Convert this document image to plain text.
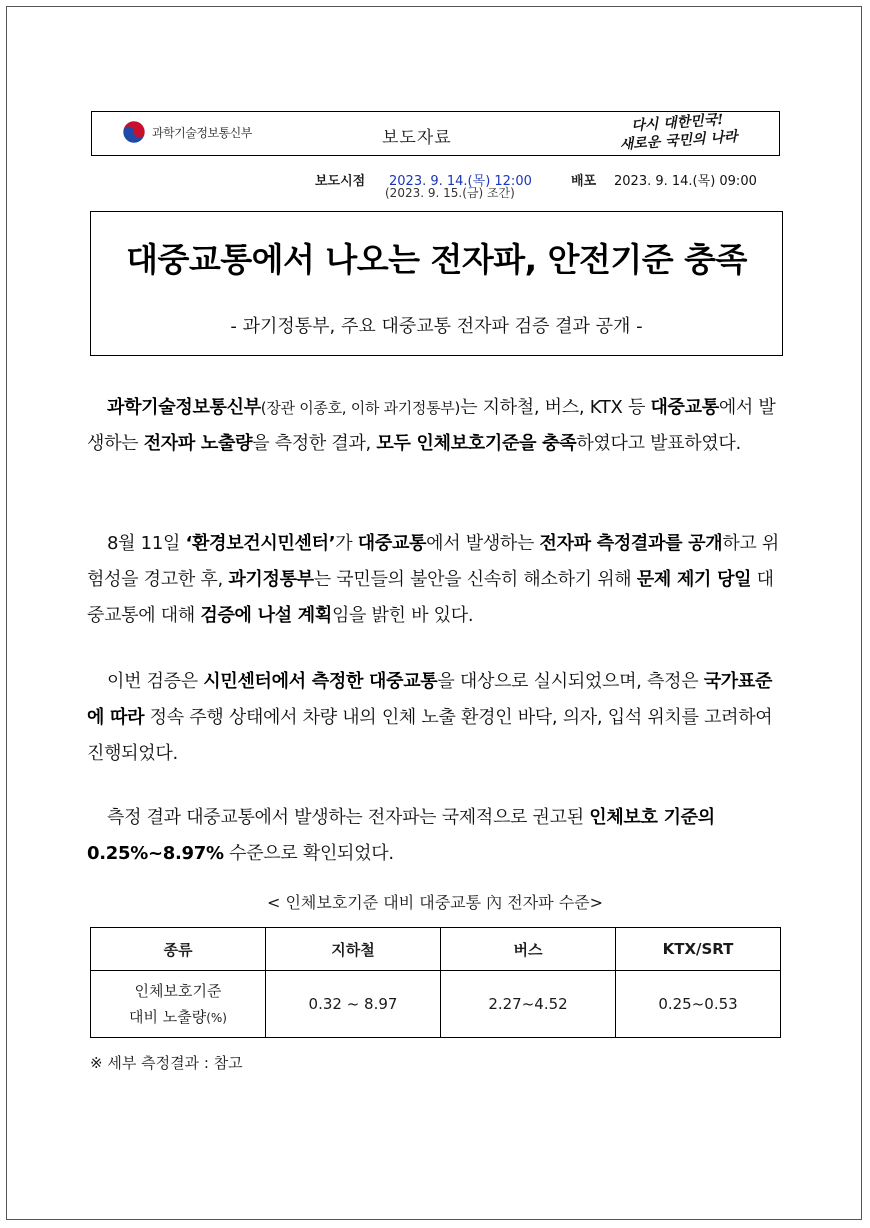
과학기술정보통신부	보도자료
다시 대한민국!
새로운 국민의 나라
보도시점 2023. 9. 14.(목) 12:00
(2023. 9. 15.(금) 조간)
배포 2023. 9. 14.(목) 09:00
대중교통에서 나오는 전자파, 안전기준 충족
- 과기정통부, 주요 대중교통 전자파 검증 결과 공개 -

과학기술정보통신부(장관 이종호, 이하 과기정통부)는 지하철, 버스, KTX 등 대중교통에서 발생하는 전자파 노출량을 측정한 결과, 모두 인체보호기준을 충족하였다고 발표하였다.

8월 11일 ‘환경보건시민센터’가 대중교통에서 발생하는 전자파 측정결과를 공개하고 위험성을 경고한 후, 과기정통부는 국민들의 불안을 신속히 해소하기 위해 문제 제기 당일 대중교통에 대해 검증에 나설 계획임을 밝힌 바 있다.

이번 검증은 시민센터에서 측정한 대중교통을 대상으로 실시되었으며, 측정은 국가표준에 따라 정속 주행 상태에서 차량 내의 인체 노출 환경인 바닥, 의자, 입석 위치를 고려하여 진행되었다.

측정 결과 대중교통에서 발생하는 전자파는 국제적으로 권고된 인체보호 기준의 0.25%~8.97% 수준으로 확인되었다.

< 인체보호기준 대비 대중교통 內 전자파 수준>
종류	지하철	버스	KTX/SRT

인체보호기준
대비 노출량(%)	0.32 ~ 8.97	2.27~4.52	0.25~0.53
※ 세부 측정결과 : 참고
